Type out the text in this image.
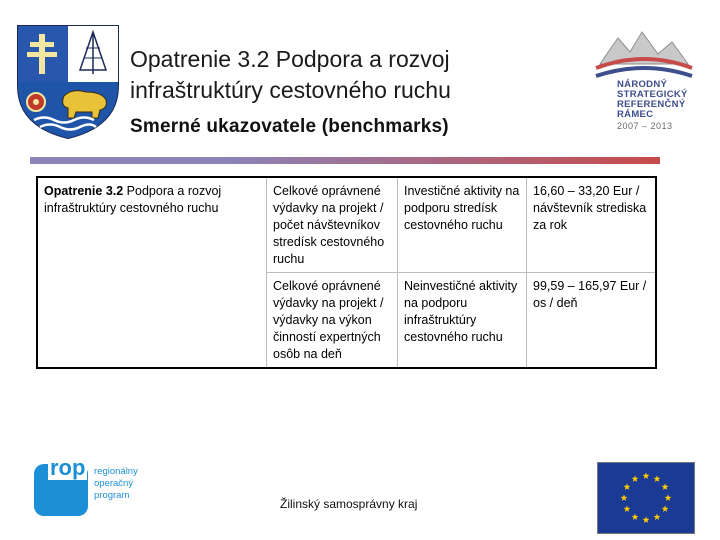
Opatrenie 3.2 Podpora a rozvoj
infraštruktúry cestovného ruchu
Smerné ukazovatele (benchmarks)
NÁRODNÝ
STRATEGICKÝ
REFERENČNÝ
RÁMEC
2007 – 2013
Opatrenie 3.2 Podpora a rozvoj infraštruktúry cestovného ruchu	Celkové oprávnené výdavky na projekt / počet návštevníkov stredísk cestovného ruchu	Investičné aktivity na podporu stredísk cestovného ruchu	16,60 – 33,20 Eur / návštevník strediska za rok
	Celkové oprávnené výdavky na projekt / výdavky na výkon činností expertných osôb na deň	Neinvestičné aktivity na podporu infraštruktúry cestovného ruchu	99,59 – 165,97 Eur / os / deň
rop regionálny
operačný
program
Žilinský samosprávny kraj
